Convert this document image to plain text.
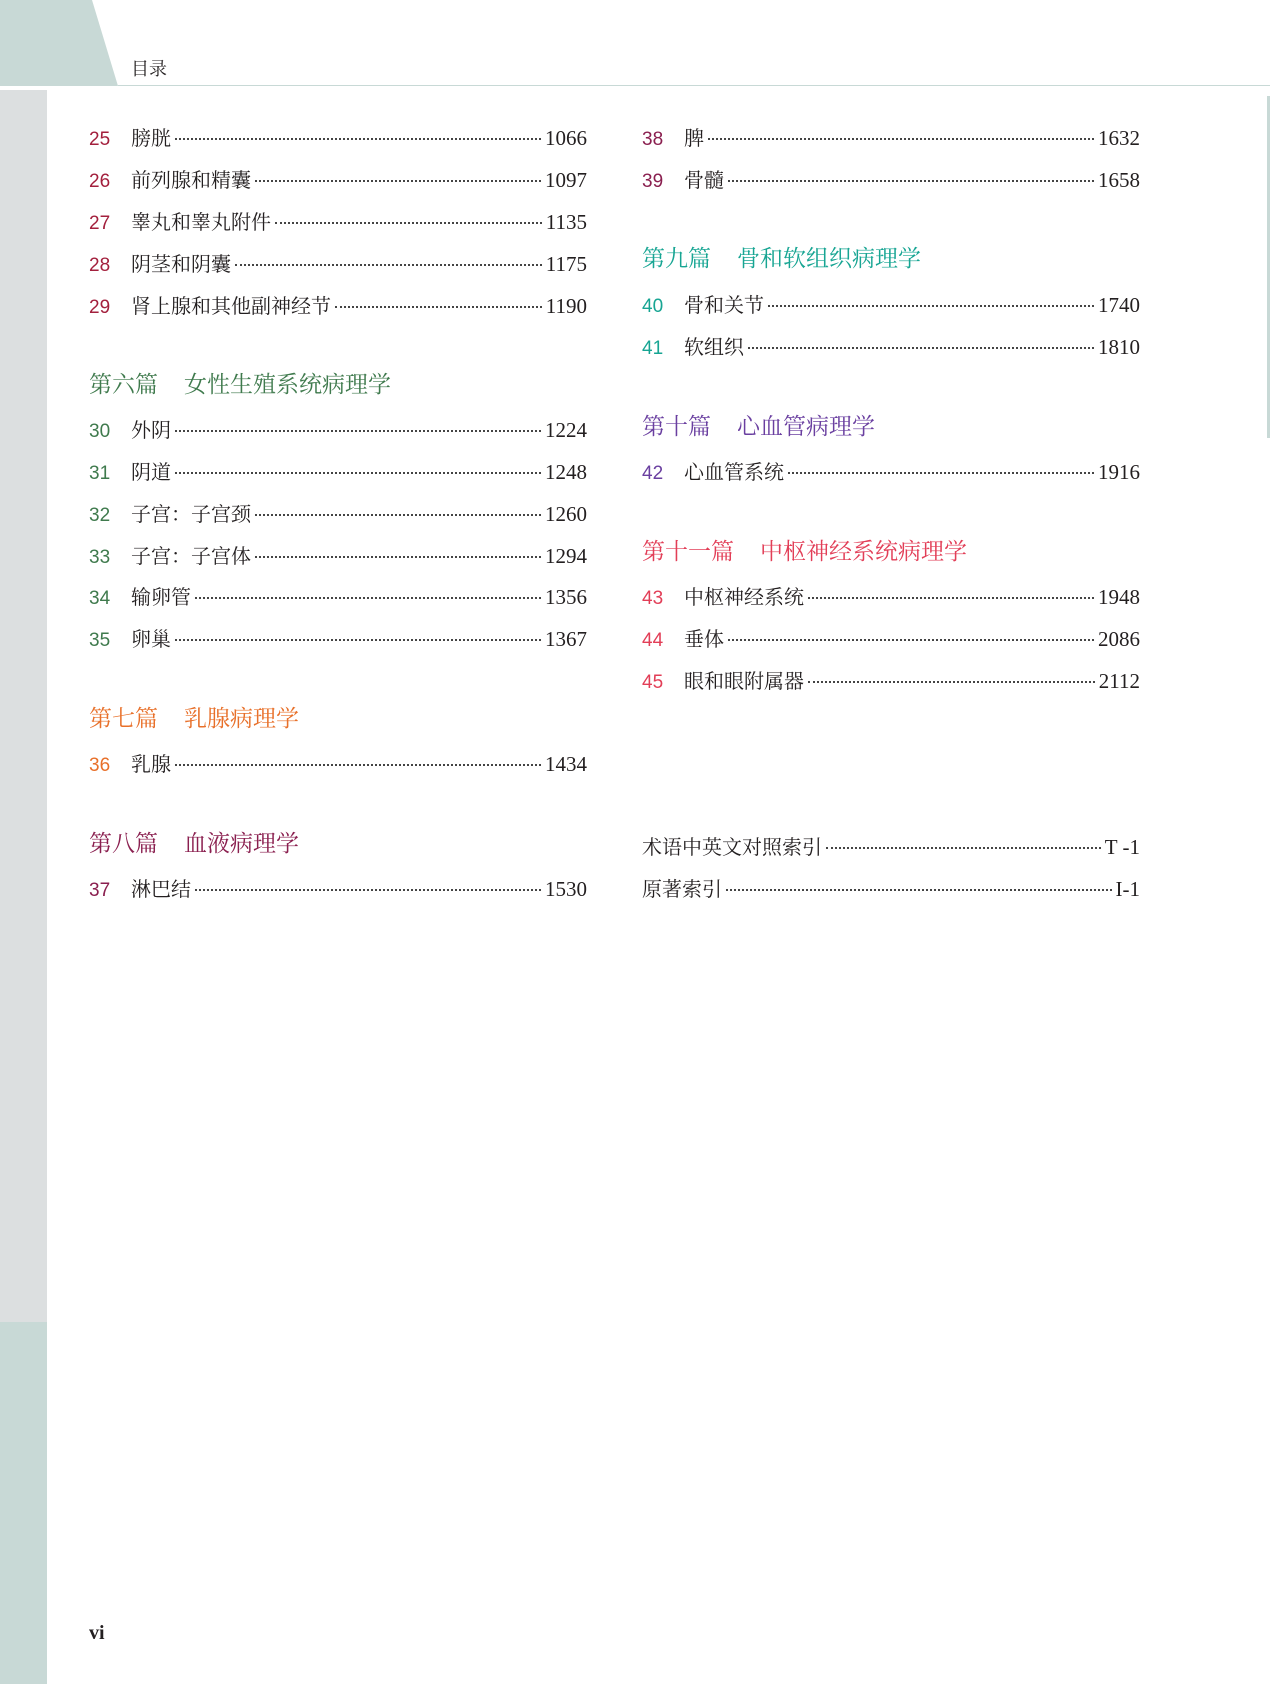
目录
25	膀胱	1066
26	前列腺和精囊	1097
27	睾丸和睾丸附件	1135
28	阴茎和阴囊	1175
29	肾上腺和其他副神经节	1190
第六篇 女性生殖系统病理学
30	外阴	1224
31	阴道	1248
32	子宫：子宫颈	1260
33	子宫：子宫体	1294
34	输卵管	1356
35	卵巢	1367
第七篇 乳腺病理学
36	乳腺	1434
第八篇 血液病理学
37	淋巴结	1530
38	脾	1632
39	骨髓	1658
第九篇 骨和软组织病理学
40	骨和关节	1740
41	软组织	1810
第十篇 心血管病理学
42	心血管系统	1916
第十一篇 中枢神经系统病理学
43	中枢神经系统	1948
44	垂体	2086
45	眼和眼附属器	2112
术语中英文对照索引	T -1
原著索引	I-1
vi
